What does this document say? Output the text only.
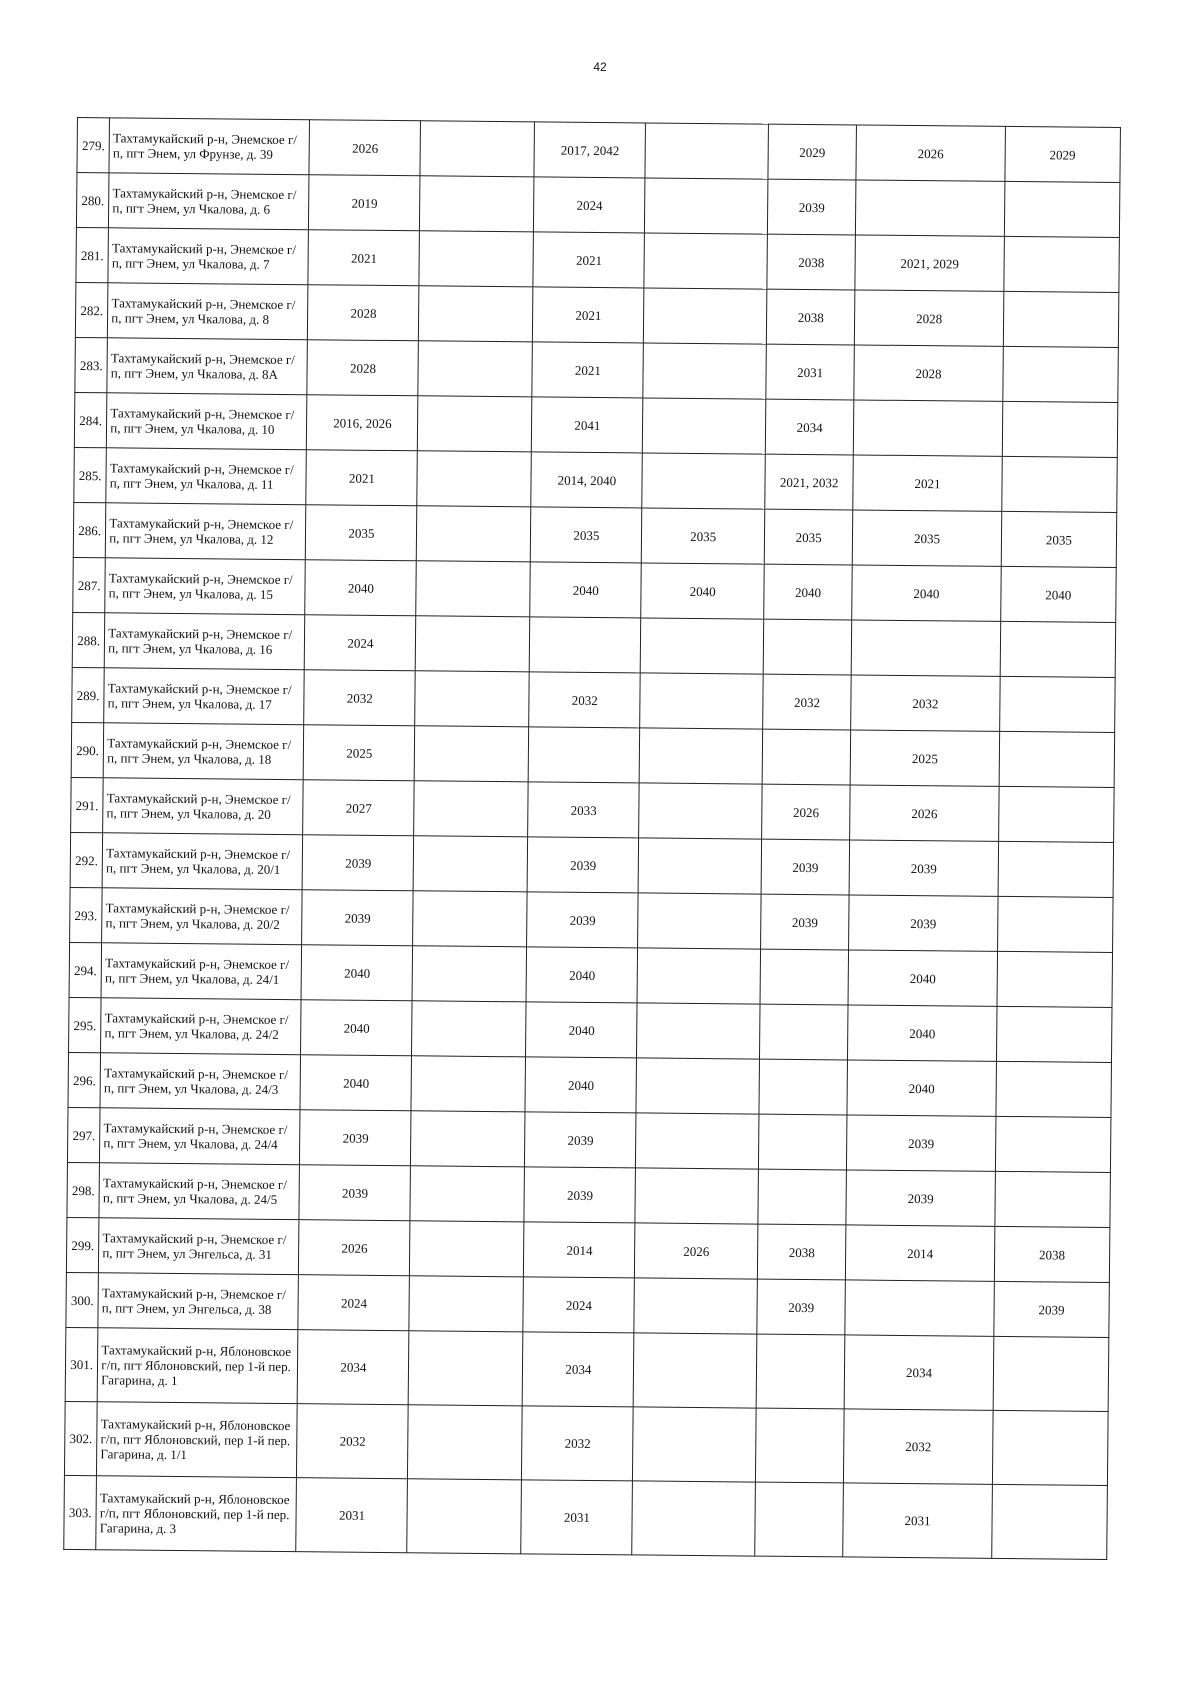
42
279.	Тахтамукайский р-н, Энемское г/п, пгт Энем, ул Фрунзе, д. 39	2026		2017, 2042		2029	2026	2029
280.	Тахтамукайский р-н, Энемское г/п, пгт Энем, ул Чкалова, д. 6	2019		2024		2039		
281.	Тахтамукайский р-н, Энемское г/п, пгт Энем, ул Чкалова, д. 7	2021		2021		2038	2021, 2029	
282.	Тахтамукайский р-н, Энемское г/п, пгт Энем, ул Чкалова, д. 8	2028		2021		2038	2028	
283.	Тахтамукайский р-н, Энемское г/п, пгт Энем, ул Чкалова, д. 8А	2028		2021		2031	2028	
284.	Тахтамукайский р-н, Энемское г/п, пгт Энем, ул Чкалова, д. 10	2016, 2026		2041		2034		
285.	Тахтамукайский р-н, Энемское г/п, пгт Энем, ул Чкалова, д. 11	2021		2014, 2040		2021, 2032	2021	
286.	Тахтамукайский р-н, Энемское г/п, пгт Энем, ул Чкалова, д. 12	2035		2035	2035	2035	2035	2035
287.	Тахтамукайский р-н, Энемское г/п, пгт Энем, ул Чкалова, д. 15	2040		2040	2040	2040	2040	2040
288.	Тахтамукайский р-н, Энемское г/п, пгт Энем, ул Чкалова, д. 16	2024						
289.	Тахтамукайский р-н, Энемское г/п, пгт Энем, ул Чкалова, д. 17	2032		2032		2032	2032	
290.	Тахтамукайский р-н, Энемское г/п, пгт Энем, ул Чкалова, д. 18	2025					2025	
291.	Тахтамукайский р-н, Энемское г/п, пгт Энем, ул Чкалова, д. 20	2027		2033		2026	2026	
292.	Тахтамукайский р-н, Энемское г/п, пгт Энем, ул Чкалова, д. 20/1	2039		2039		2039	2039	
293.	Тахтамукайский р-н, Энемское г/п, пгт Энем, ул Чкалова, д. 20/2	2039		2039		2039	2039	
294.	Тахтамукайский р-н, Энемское г/п, пгт Энем, ул Чкалова, д. 24/1	2040		2040			2040	
295.	Тахтамукайский р-н, Энемское г/п, пгт Энем, ул Чкалова, д. 24/2	2040		2040			2040	
296.	Тахтамукайский р-н, Энемское г/п, пгт Энем, ул Чкалова, д. 24/3	2040		2040			2040	
297.	Тахтамукайский р-н, Энемское г/п, пгт Энем, ул Чкалова, д. 24/4	2039		2039			2039	
298.	Тахтамукайский р-н, Энемское г/п, пгт Энем, ул Чкалова, д. 24/5	2039		2039			2039	
299.	Тахтамукайский р-н, Энемское г/п, пгт Энем, ул Энгельса, д. 31	2026		2014	2026	2038	2014	2038
300.	Тахтамукайский р-н, Энемское г/п, пгт Энем, ул Энгельса, д. 38	2024		2024		2039		2039
301.	Тахтамукайский р-н, Яблоновское г/п, пгт Яблоновский, пер 1-й пер. Гагарина, д. 1	2034		2034			2034	
302.	Тахтамукайский р-н, Яблоновское г/п, пгт Яблоновский, пер 1-й пер. Гагарина, д. 1/1	2032		2032			2032	
303.	Тахтамукайский р-н, Яблоновское г/п, пгт Яблоновский, пер 1-й пер. Гагарина, д. 3	2031		2031			2031	
